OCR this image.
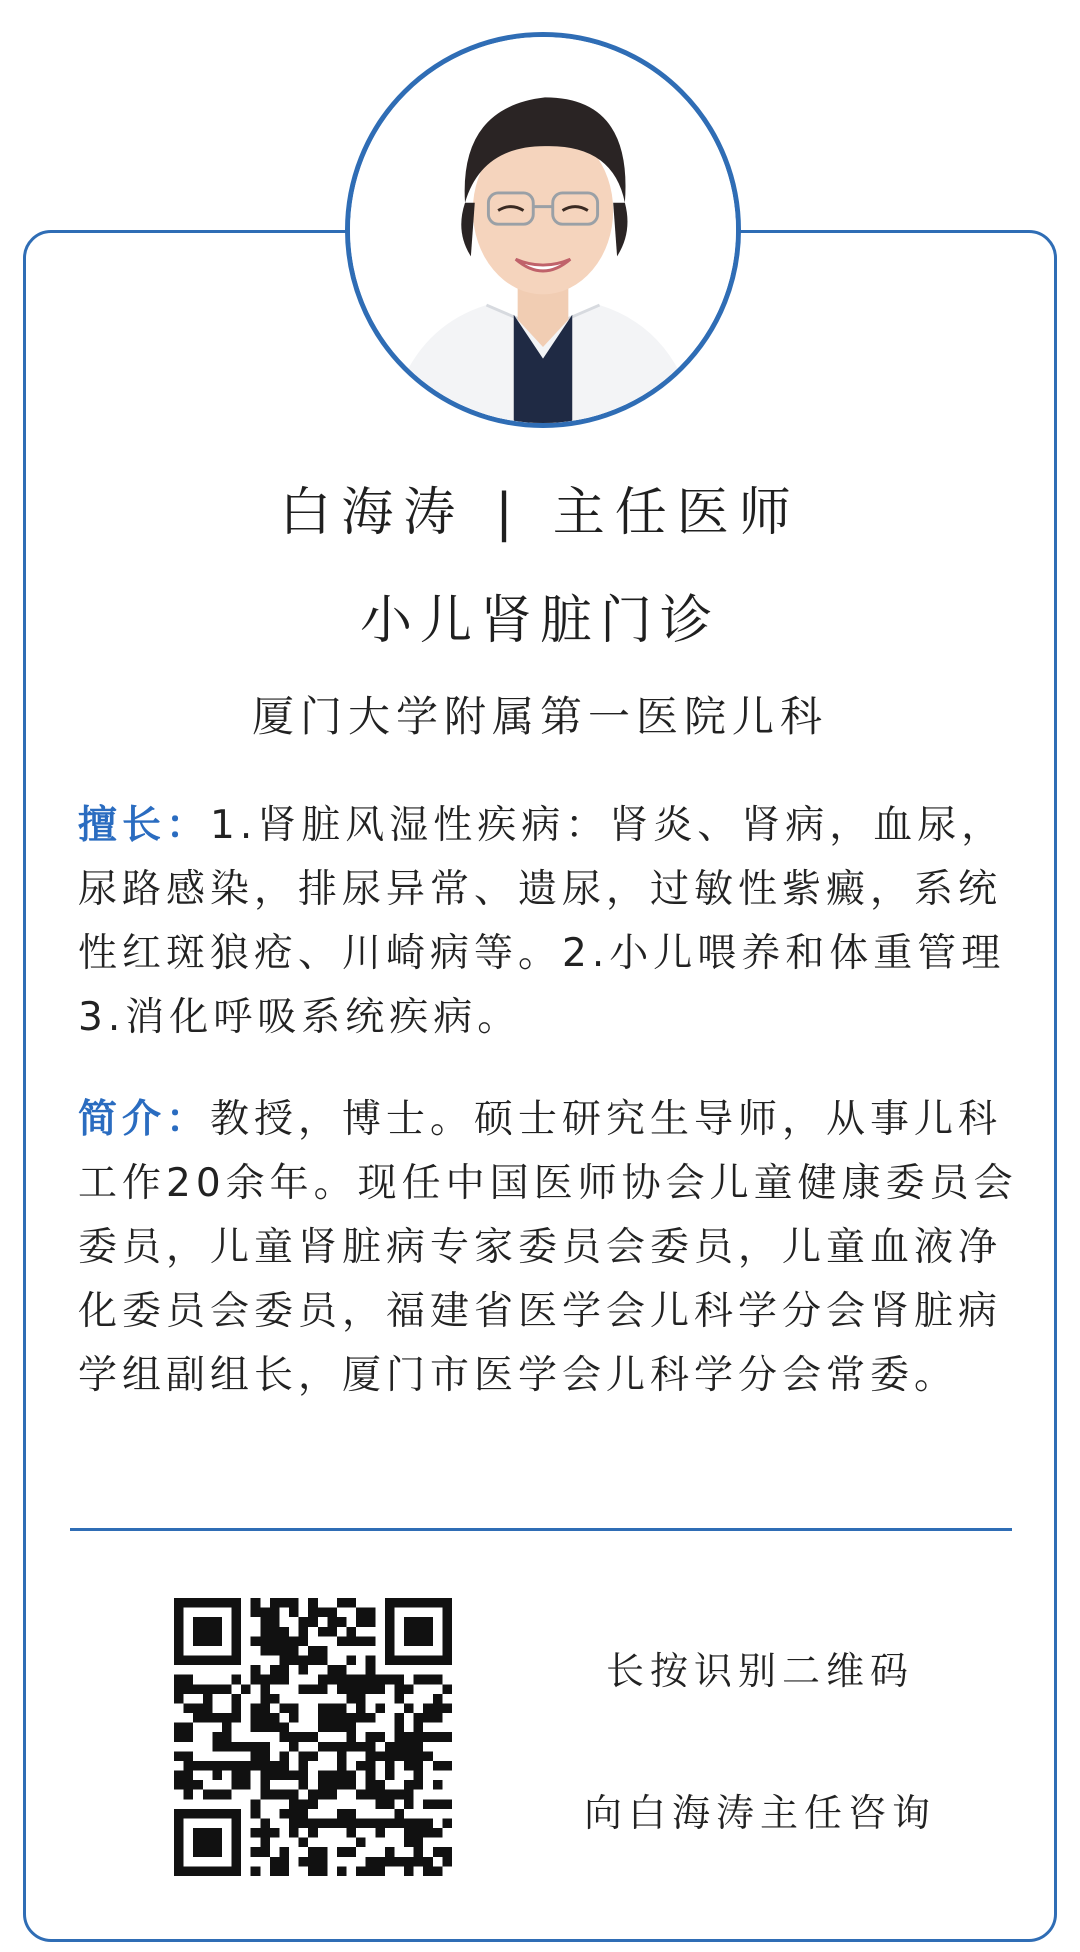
白海涛 | 主任医师
小儿肾脏门诊
厦门大学附属第一医院儿科
擅长：1.肾脏风湿性疾病：肾炎、肾病，血尿，尿路感染，排尿异常、遗尿，过敏性紫癜，系统性红斑狼疮、川崎病等。2.小儿喂养和体重管理3.消化呼吸系统疾病。
简介：教授，博士。硕士研究生导师，从事儿科工作20余年。现任中国医师协会儿童健康委员会委员，儿童肾脏病专家委员会委员，儿童血液净化委员会委员，福建省医学会儿科学分会肾脏病学组副组长，厦门市医学会儿科学分会常委。
长按识别二维码
向白海涛主任咨询
